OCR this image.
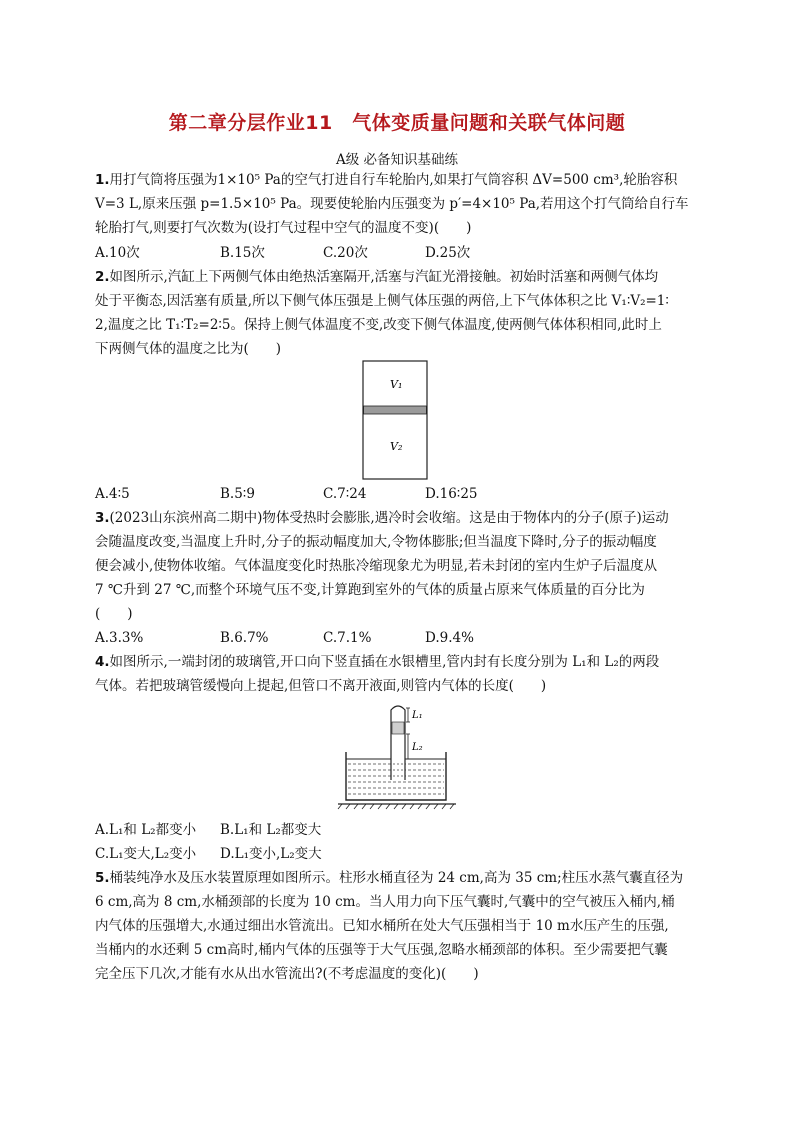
第二章分层作业11　气体变质量问题和关联气体问题
A级 必备知识基础练
1.用打气筒将压强为1×10⁵ Pa的空气打进自行车轮胎内,如果打气筒容积 ΔV=500 cm³,轮胎容积
V=3 L,原来压强 p=1.5×10⁵ Pa。现要使轮胎内压强变为 p′=4×10⁵ Pa,若用这个打气筒给自行车
轮胎打气,则要打气次数为(设打气过程中空气的温度不变)(　　)
A.10次	B.15次	C.20次	D.25次
2.如图所示,汽缸上下两侧气体由绝热活塞隔开,活塞与汽缸光滑接触。初始时活塞和两侧气体均
处于平衡态,因活塞有质量,所以下侧气体压强是上侧气体压强的两倍,上下气体体积之比 V₁∶V₂=1∶
2,温度之比 T₁∶T₂=2∶5。保持上侧气体温度不变,改变下侧气体温度,使两侧气体体积相同,此时上
下两侧气体的温度之比为(　　)
V₁
V₂
A.4∶5	B.5∶9	C.7∶24	D.16∶25
3.(2023山东滨州高二期中)物体受热时会膨胀,遇冷时会收缩。这是由于物体内的分子(原子)运动
会随温度改变,当温度上升时,分子的振动幅度加大,令物体膨胀;但当温度下降时,分子的振动幅度
便会减小,使物体收缩。气体温度变化时热胀冷缩现象尤为明显,若未封闭的室内生炉子后温度从
7 ℃升到 27 ℃,而整个环境气压不变,计算跑到室外的气体的质量占原来气体质量的百分比为
(　　)
A.3.3%	B.6.7%	C.7.1%	D.9.4%
4.如图所示,一端封闭的玻璃管,开口向下竖直插在水银槽里,管内封有长度分别为 L₁和 L₂的两段
气体。若把玻璃管缓慢向上提起,但管口不离开液面,则管内气体的长度(　　)
L₁
L₂
A.L₁和 L₂都变小 B.L₁和 L₂都变大
C.L₁变大,L₂变小 D.L₁变小,L₂变大
5.桶装纯净水及压水装置原理如图所示。柱形水桶直径为 24 cm,高为 35 cm;柱压水蒸气囊直径为
6 cm,高为 8 cm,水桶颈部的长度为 10 cm。当人用力向下压气囊时,气囊中的空气被压入桶内,桶
内气体的压强增大,水通过细出水管流出。已知水桶所在处大气压强相当于 10 m水压产生的压强,
当桶内的水还剩 5 cm高时,桶内气体的压强等于大气压强,忽略水桶颈部的体积。至少需要把气囊
完全压下几次,才能有水从出水管流出?(不考虑温度的变化)(　　)
